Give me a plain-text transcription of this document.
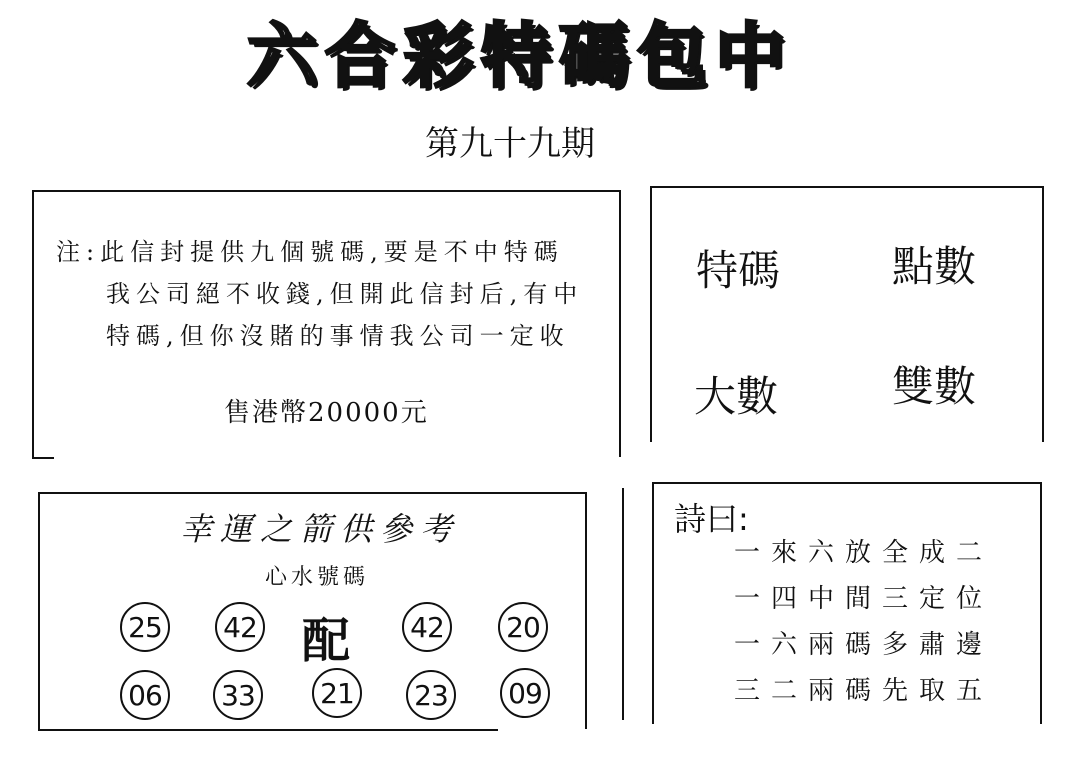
六合彩特碼包中
第九十九期
注:此信封提供九個號碼,要是不中特碼
我公司絕不收錢,但開此信封后,有中
特碼,但你沒賭的事情我公司一定收
售港幣20000元
特碼	點數
大數	雙數
幸運之箭供參考
心水號碼
25 42 配 42 20
06 33 21 23 09
詩曰:
一來六放全成二
一四中間三定位
一六兩碼多肅邊
三二兩碼先取五
